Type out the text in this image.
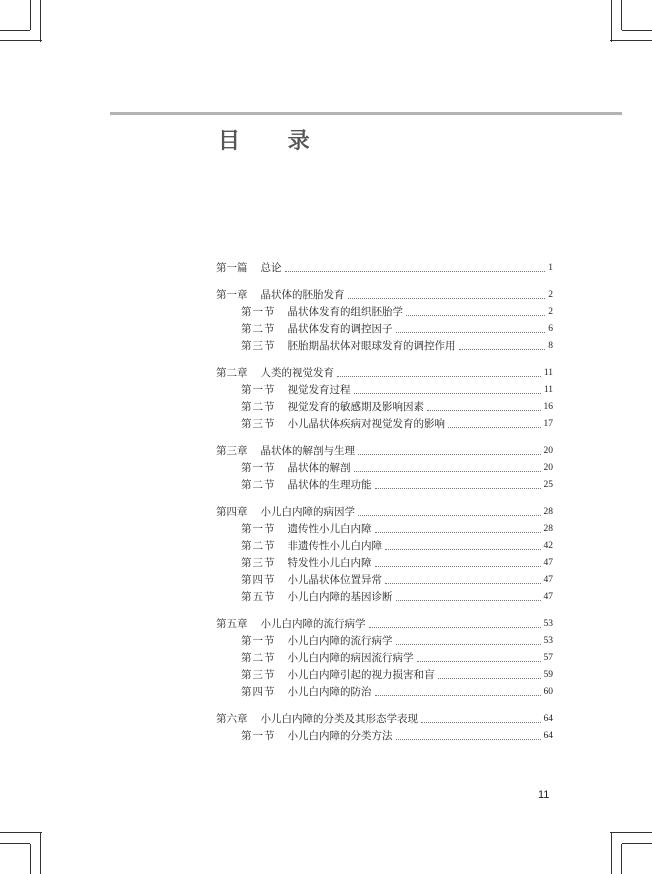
目 录
第一篇 总论	1
第一章 晶状体的胚胎发育	2
第一节 晶状体发育的组织胚胎学	2
第二节 晶状体发育的调控因子	6
第三节 胚胎期晶状体对眼球发育的调控作用	8
第二章 人类的视觉发育	11
第一节 视觉发育过程	11
第二节 视觉发育的敏感期及影响因素	16
第三节 小儿晶状体疾病对视觉发育的影响	17
第三章 晶状体的解剖与生理	20
第一节 晶状体的解剖	20
第二节 晶状体的生理功能	25
第四章 小儿白内障的病因学	28
第一节 遗传性小儿白内障	28
第二节 非遗传性小儿白内障	42
第三节 特发性小儿白内障	47
第四节 小儿晶状体位置异常	47
第五节 小儿白内障的基因诊断	47
第五章 小儿白内障的流行病学	53
第一节 小儿白内障的流行病学	53
第二节 小儿白内障的病因流行病学	57
第三节 小儿白内障引起的视力损害和盲	59
第四节 小儿白内障的防治	60
第六章 小儿白内障的分类及其形态学表现	64
第一节 小儿白内障的分类方法	64
11
